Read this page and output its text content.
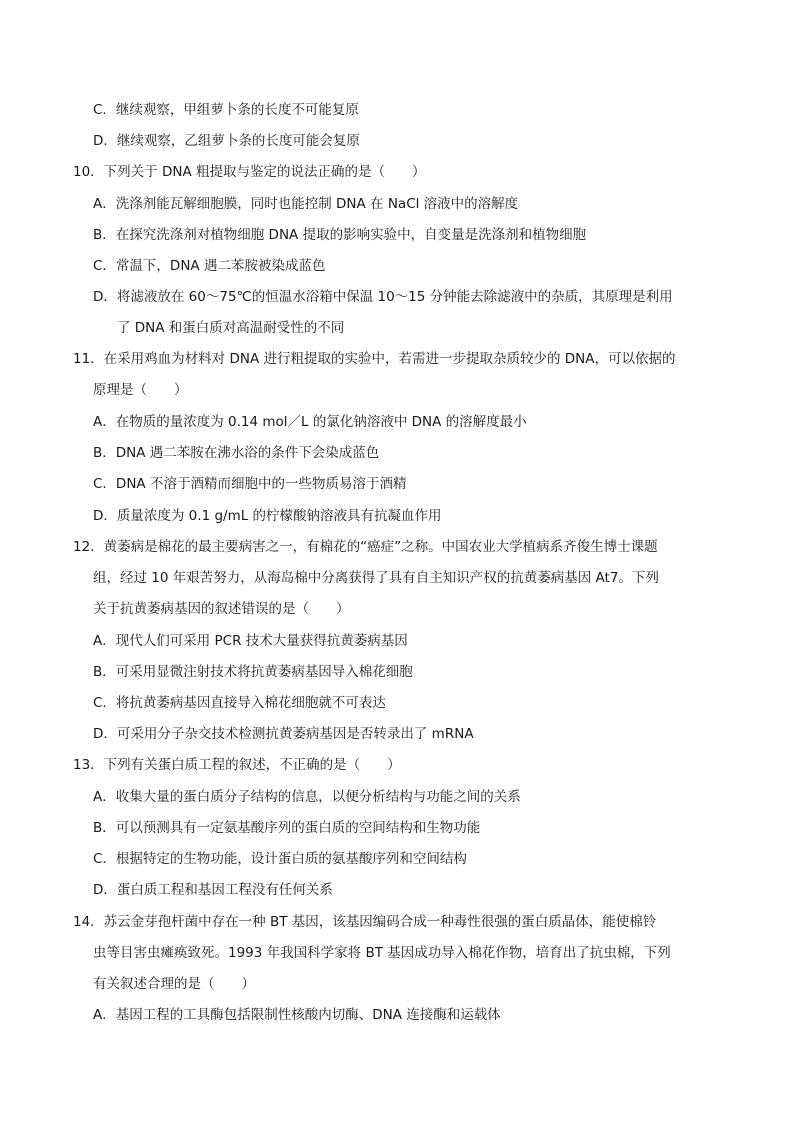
C．继续观察，甲组萝卜条的长度不可能复原
D．继续观察，乙组萝卜条的长度可能会复原
10．下列关于 DNA 粗提取与鉴定的说法正确的是（　　）
A．洗涤剂能瓦解细胞膜，同时也能控制 DNA 在 NaCl 溶液中的溶解度
B．在探究洗涤剂对植物细胞 DNA 提取的影响实验中，自变量是洗涤剂和植物细胞
C．常温下，DNA 遇二苯胺被染成蓝色
D．将滤液放在 60～75℃的恒温水浴箱中保温 10～15 分钟能去除滤液中的杂质，其原理是利用
了 DNA 和蛋白质对高温耐受性的不同
11．在采用鸡血为材料对 DNA 进行粗提取的实验中，若需进一步提取杂质较少的 DNA，可以依据的
原理是（　　）
A．在物质的量浓度为 0.14 mol／L 的氯化钠溶液中 DNA 的溶解度最小
B．DNA 遇二苯胺在沸水浴的条件下会染成蓝色
C．DNA 不溶于酒精而细胞中的一些物质易溶于酒精
D．质量浓度为 0.1 g/mL 的柠檬酸钠溶液具有抗凝血作用
12．黄萎病是棉花的最主要病害之一，有棉花的“癌症”之称。中国农业大学植病系齐俊生博士课题
组，经过 10 年艰苦努力，从海岛棉中分离获得了具有自主知识产权的抗黄萎病基因 At7。下列
关于抗黄萎病基因的叙述错误的是（　　）
A．现代人们可采用 PCR 技术大量获得抗黄萎病基因
B．可采用显微注射技术将抗黄萎病基因导入棉花细胞
C．将抗黄萎病基因直接导入棉花细胞就不可表达
D．可采用分子杂交技术检测抗黄萎病基因是否转录出了 mRNA
13．下列有关蛋白质工程的叙述，不正确的是（　　）
A．收集大量的蛋白质分子结构的信息，以便分析结构与功能之间的关系
B．可以预测具有一定氨基酸序列的蛋白质的空间结构和生物功能
C．根据特定的生物功能，设计蛋白质的氨基酸序列和空间结构
D．蛋白质工程和基因工程没有任何关系
14．苏云金芽孢杆菌中存在一种 BT 基因，该基因编码合成一种毒性很强的蛋白质晶体，能使棉铃
虫等目害虫瘫痪致死。1993 年我国科学家将 BT 基因成功导入棉花作物，培育出了抗虫棉，下列
有关叙述合理的是（　　）
A．基因工程的工具酶包括限制性核酸内切酶、DNA 连接酶和运载体
